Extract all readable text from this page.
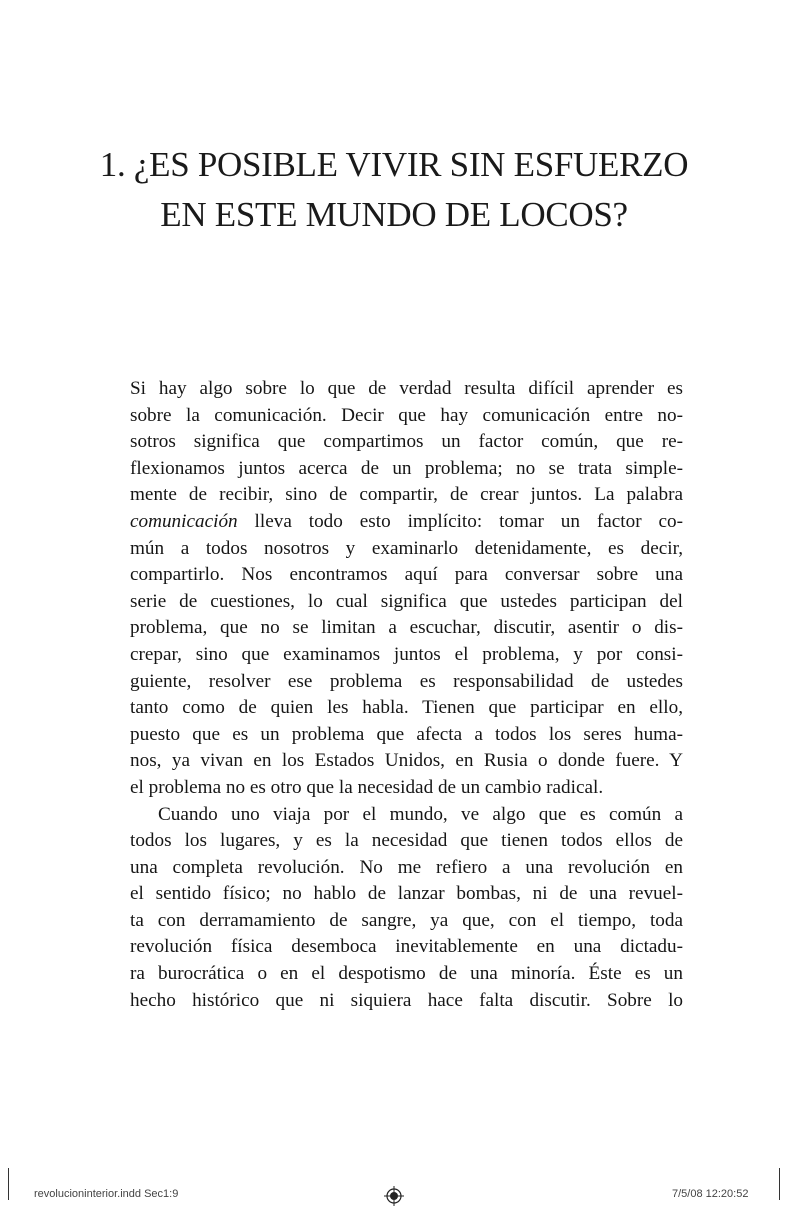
1. ¿ES POSIBLE VIVIR SIN ESFUERZO
EN ESTE MUNDO DE LOCOS?
Si hay algo sobre lo que de verdad resulta difícil aprender es
sobre la comunicación. Decir que hay comunicación entre no-
sotros significa que compartimos un factor común, que re-
flexionamos juntos acerca de un problema; no se trata simple-
mente de recibir, sino de compartir, de crear juntos. La palabra
comunicación lleva todo esto implícito: tomar un factor co-
mún a todos nosotros y examinarlo detenidamente, es decir,
compartirlo. Nos encontramos aquí para conversar sobre una
serie de cuestiones, lo cual significa que ustedes participan del
problema, que no se limitan a escuchar, discutir, asentir o dis-
crepar, sino que examinamos juntos el problema, y por consi-
guiente, resolver ese problema es responsabilidad de ustedes
tanto como de quien les habla. Tienen que participar en ello,
puesto que es un problema que afecta a todos los seres huma-
nos, ya vivan en los Estados Unidos, en Rusia o donde fuere. Y
el problema no es otro que la necesidad de un cambio radical.
Cuando uno viaja por el mundo, ve algo que es común a
todos los lugares, y es la necesidad que tienen todos ellos de
una completa revolución. No me refiero a una revolución en
el sentido físico; no hablo de lanzar bombas, ni de una revuel-
ta con derramamiento de sangre, ya que, con el tiempo, toda
revolución física desemboca inevitablemente en una dictadu-
ra burocrática o en el despotismo de una minoría. Éste es un
hecho histórico que ni siquiera hace falta discutir. Sobre lo
revolucioninterior.indd Sec1:9	7/5/08 12:20:52
